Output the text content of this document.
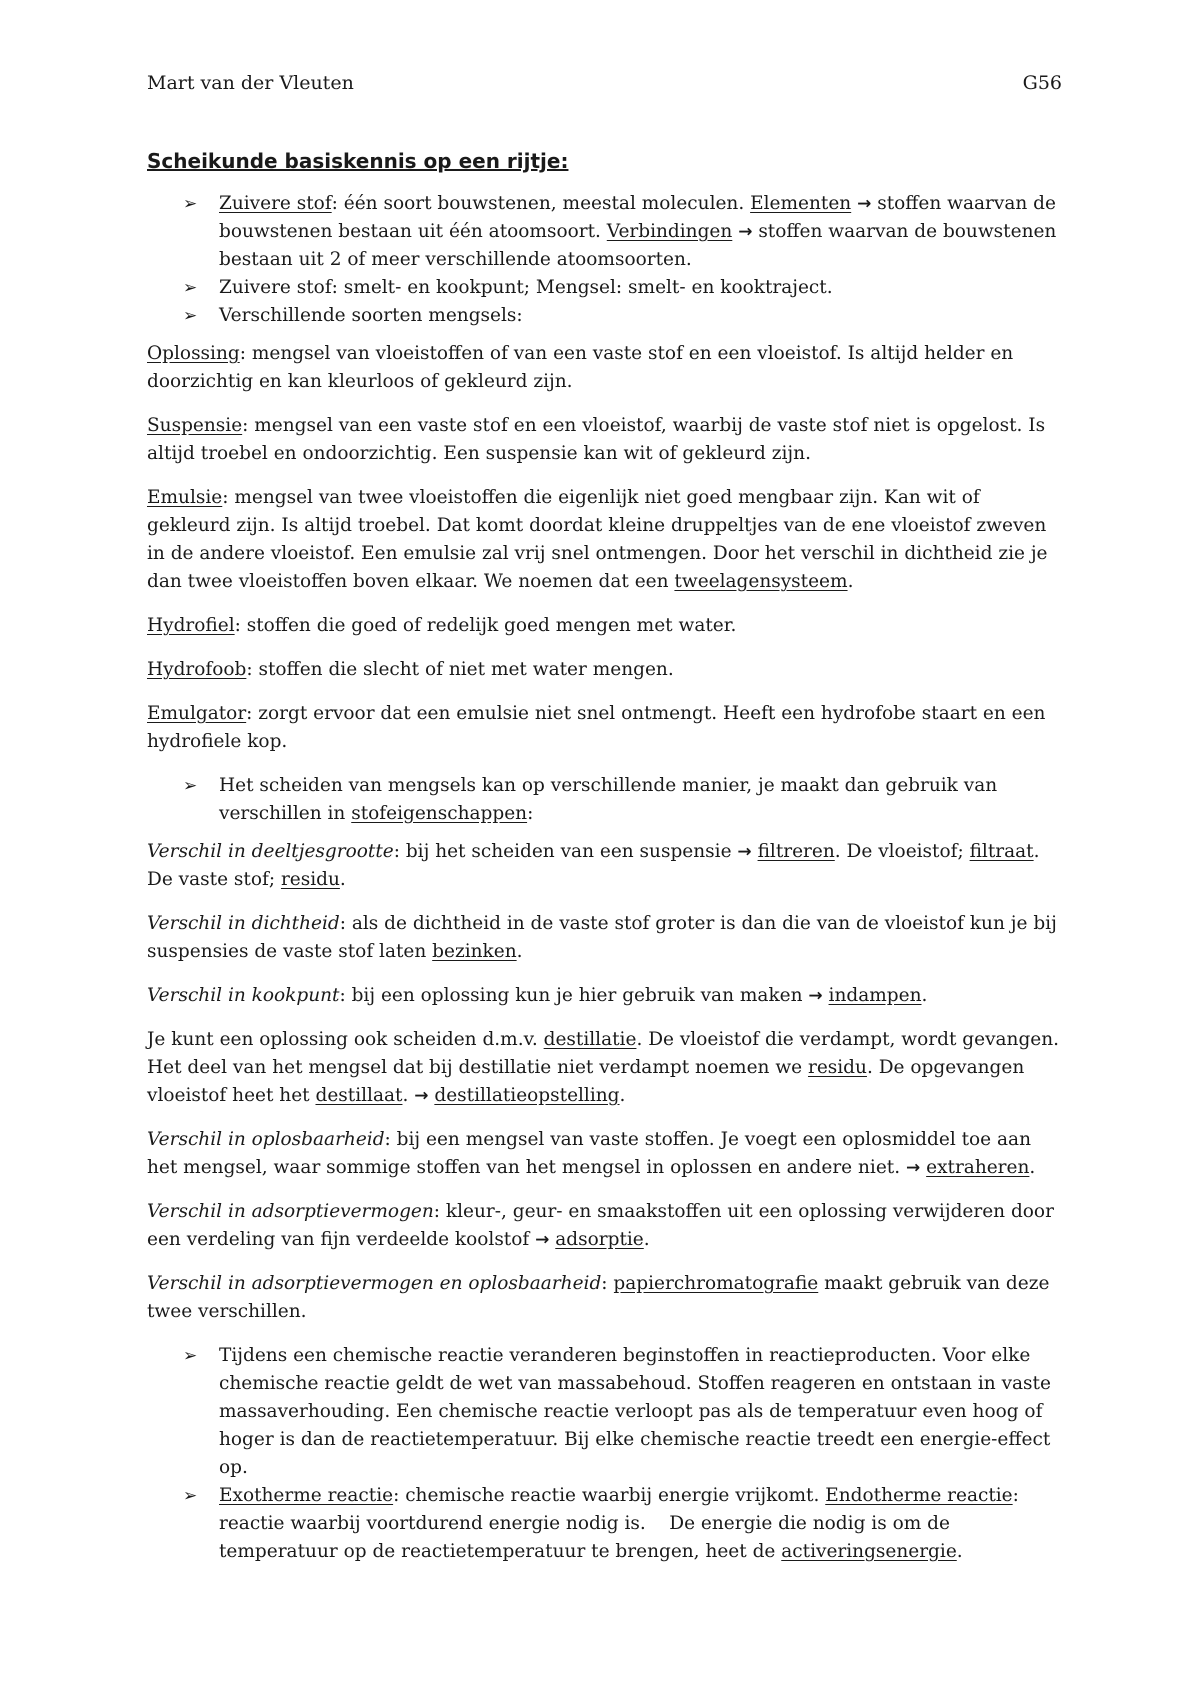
Mart van der Vleuten	G56
Scheikunde basiskennis op een rijtje:
➢ Zuivere stof: één soort bouwstenen, meestal moleculen. Elementen → stoffen waarvan de bouwstenen bestaan uit één atoomsoort. Verbindingen → stoffen waarvan de bouwstenen bestaan uit 2 of meer verschillende atoomsoorten.
➢ Zuivere stof: smelt- en kookpunt; Mengsel: smelt- en kooktraject.
➢ Verschillende soorten mengsels:

Oplossing: mengsel van vloeistoffen of van een vaste stof en een vloeistof. Is altijd helder en doorzichtig en kan kleurloos of gekleurd zijn.

Suspensie: mengsel van een vaste stof en een vloeistof, waarbij de vaste stof niet is opgelost. Is altijd troebel en ondoorzichtig. Een suspensie kan wit of gekleurd zijn.

Emulsie: mengsel van twee vloeistoffen die eigenlijk niet goed mengbaar zijn. Kan wit of gekleurd zijn. Is altijd troebel. Dat komt doordat kleine druppeltjes van de ene vloeistof zweven in de andere vloeistof. Een emulsie zal vrij snel ontmengen. Door het verschil in dichtheid zie je dan twee vloeistoffen boven elkaar. We noemen dat een tweelagensysteem.

Hydrofiel: stoffen die goed of redelijk goed mengen met water.

Hydrofoob: stoffen die slecht of niet met water mengen.

Emulgator: zorgt ervoor dat een emulsie niet snel ontmengt. Heeft een hydrofobe staart en een hydrofiele kop.

➢ Het scheiden van mengsels kan op verschillende manier, je maakt dan gebruik van verschillen in stofeigenschappen:

Verschil in deeltjesgrootte: bij het scheiden van een suspensie → filtreren. De vloeistof; filtraat. De vaste stof; residu.

Verschil in dichtheid: als de dichtheid in de vaste stof groter is dan die van de vloeistof kun je bij suspensies de vaste stof laten bezinken.

Verschil in kookpunt: bij een oplossing kun je hier gebruik van maken → indampen.

Je kunt een oplossing ook scheiden d.m.v. destillatie. De vloeistof die verdampt, wordt gevangen. Het deel van het mengsel dat bij destillatie niet verdampt noemen we residu. De opgevangen vloeistof heet het destillaat. → destillatieopstelling.

Verschil in oplosbaarheid: bij een mengsel van vaste stoffen. Je voegt een oplosmiddel toe aan het mengsel, waar sommige stoffen van het mengsel in oplossen en andere niet. → extraheren.

Verschil in adsorptievermogen: kleur-, geur- en smaakstoffen uit een oplossing verwijderen door een verdeling van fijn verdeelde koolstof → adsorptie.

Verschil in adsorptievermogen en oplosbaarheid: papierchromatografie maakt gebruik van deze twee verschillen.

➢ Tijdens een chemische reactie veranderen beginstoffen in reactieproducten. Voor elke chemische reactie geldt de wet van massabehoud. Stoffen reageren en ontstaan in vaste massaverhouding. Een chemische reactie verloopt pas als de temperatuur even hoog of hoger is dan de reactietemperatuur. Bij elke chemische reactie treedt een energie-effect op.
➢ Exotherme reactie: chemische reactie waarbij energie vrijkomt. Endotherme reactie: reactie waarbij voortdurend energie nodig is.    De energie die nodig is om de temperatuur op de reactietemperatuur te brengen, heet de activeringsenergie.
